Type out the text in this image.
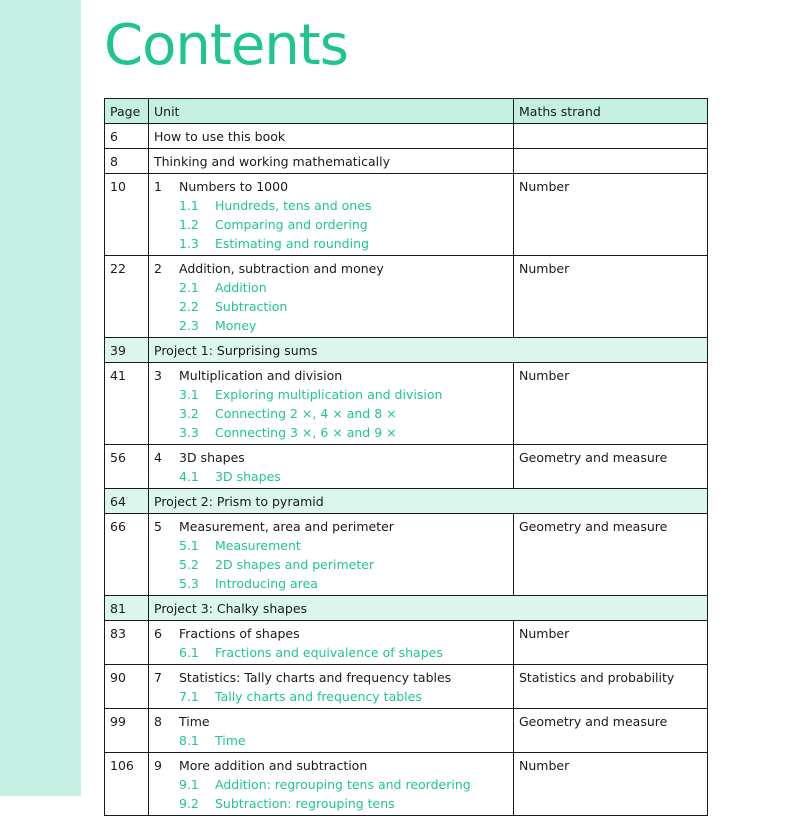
Contents
Page	Unit	Maths strand
6	How to use this book	

8	Thinking and working mathematically	

10	1 Numbers to 1000
1.1 Hundreds, tens and ones
1.2 Comparing and ordering
1.3 Estimating and rounding	Number
22	2 Addition, subtraction and money
2.1 Addition
2.2 Subtraction
2.3 Money	Number
39	Project 1: Surprising sums	
41	3 Multiplication and division
3.1 Exploring multiplication and division
3.2 Connecting 2 ×, 4 × and 8 ×
3.3 Connecting 3 ×, 6 × and 9 ×	Number
56	4 3D shapes
4.1 3D shapes	Geometry and measure
64	Project 2: Prism to pyramid	
66	5 Measurement, area and perimeter
5.1 Measurement
5.2 2D shapes and perimeter
5.3 Introducing area	Geometry and measure
81	Project 3: Chalky shapes	
83	6 Fractions of shapes
6.1 Fractions and equivalence of shapes	Number
90	7 Statistics: Tally charts and frequency tables
7.1 Tally charts and frequency tables	Statistics and probability
99	8 Time
8.1 Time	Geometry and measure
106	9 More addition and subtraction
9.1 Addition: regrouping tens and reordering
9.2 Subtraction: regrouping tens	Number
